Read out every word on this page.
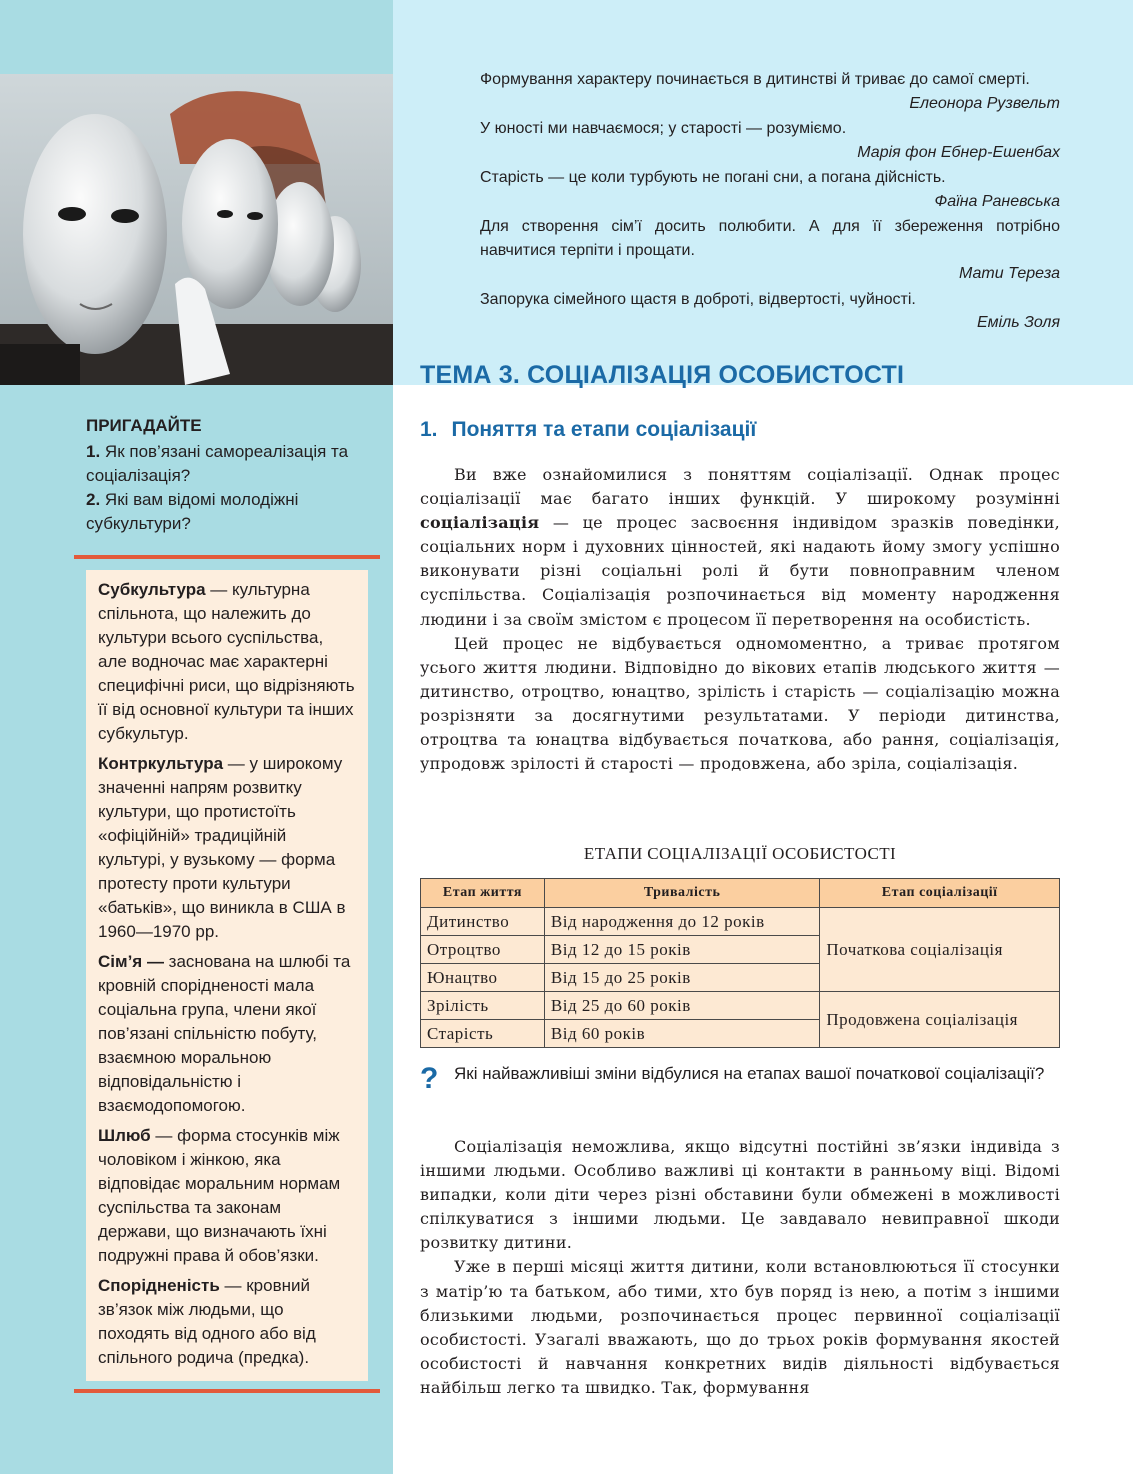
Формування характеру починається в дитинстві й триває до самої смерті.

Елеонора Рузвельт

У юності ми навчаємося; у старості — розуміємо.

Марія фон Ебнер-Ешенбах

Старість — це коли турбують не погані сни, а погана дійсність.

Фаїна Раневська

Для створення сім’ї досить полюбити. А для її збереження потрібно навчитися терпіти і прощати.

Мати Тереза

Запорука сімейного щастя в доброті, відвертості, чуйності.

Еміль Золя

ТЕМА 3. СОЦІАЛІЗАЦІЯ ОСОБИСТОСТІ
ПРИГАДАЙТЕ

1. Як пов’язані самореалізація та соціалізація?

2. Які вам відомі молодіжні субкультури?

Субкультура — культурна спільнота, що належить до культури всього суспільства, але водночас має характерні специфічні риси, що відрізняють її від основної культури та інших субкультур.

Контркультура — у широкому значенні напрям розвитку культури, що протистоїть «офіційній» традиційній культурі, у вузькому — форма протесту проти культури «батьків», що виникла в США в 1960—1970 рр.

Сім’я — заснована на шлюбі та кровній спорідненості мала соціальна група, члени якої пов’язані спільністю побуту, взаємною моральною відповідальністю і взаємодопомогою.

Шлюб — форма стосунків між чоловіком і жінкою, яка відповідає моральним нормам суспільства та законам держави, що визначають їхні подружні права й обов’язки.

Спорідненість — кровний зв’язок між людьми, що походять від одного або від спільного родича (предка).

1. Поняття та етапи соціалізації

Ви вже ознайомилися з поняттям соціалізації. Однак процес соціалізації має багато інших функцій. У широкому розумінні соціалізація — це процес засвоєння індивідом зразків поведінки, соціальних норм і духовних цінностей, які надають йому змогу успішно виконувати різні соціальні ролі й бути повноправним членом суспільства. Соціалізація розпочинається від моменту народження людини і за своїм змістом є процесом її перетворення на особистість.

Цей процес не відбувається одномоментно, а триває протягом усього життя людини. Відповідно до вікових етапів людського життя — дитинство, отроцтво, юнацтво, зрілість і старість — соціалізацію можна розрізняти за досягнутими результатами. У періоди дитинства, отроцтва та юнацтва відбувається початкова, або рання, соціалізація, упродовж зрілості й старості — продовжена, або зріла, соціалізація.

ЕТАПИ СОЦІАЛІЗАЦІЇ ОСОБИСТОСТІ
Етап життя	Тривалість	Етап соціалізації
Дитинство	Від народження до 12 років	Початкова соціалізація
Отроцтво	Від 12 до 15 років	
Юнацтво	Від 15 до 25 років	
Зрілість	Від 25 до 60 років	Продовжена соціалізація
Старість	Від 60 років	
? Які найважливіші зміни відбулися на етапах вашої початкової соціалізації?

Соціалізація неможлива, якщо відсутні постійні зв’язки індивіда з іншими людьми. Особливо важливі ці контакти в ранньому віці. Відомі випадки, коли діти через різні обставини були обмежені в можливості спілкуватися з іншими людьми. Це завдавало невиправної шкоди розвитку дитини.

Уже в перші місяці життя дитини, коли встановлюються її стосунки з матір’ю та батьком, або тими, хто був поряд із нею, а потім з іншими близькими людьми, розпочинається процес первинної соціалізації особистості. Узагалі вважають, що до трьох років формування якостей особистості й навчання конкретних видів діяльності відбувається найбільш легко та швидко. Так, формування
